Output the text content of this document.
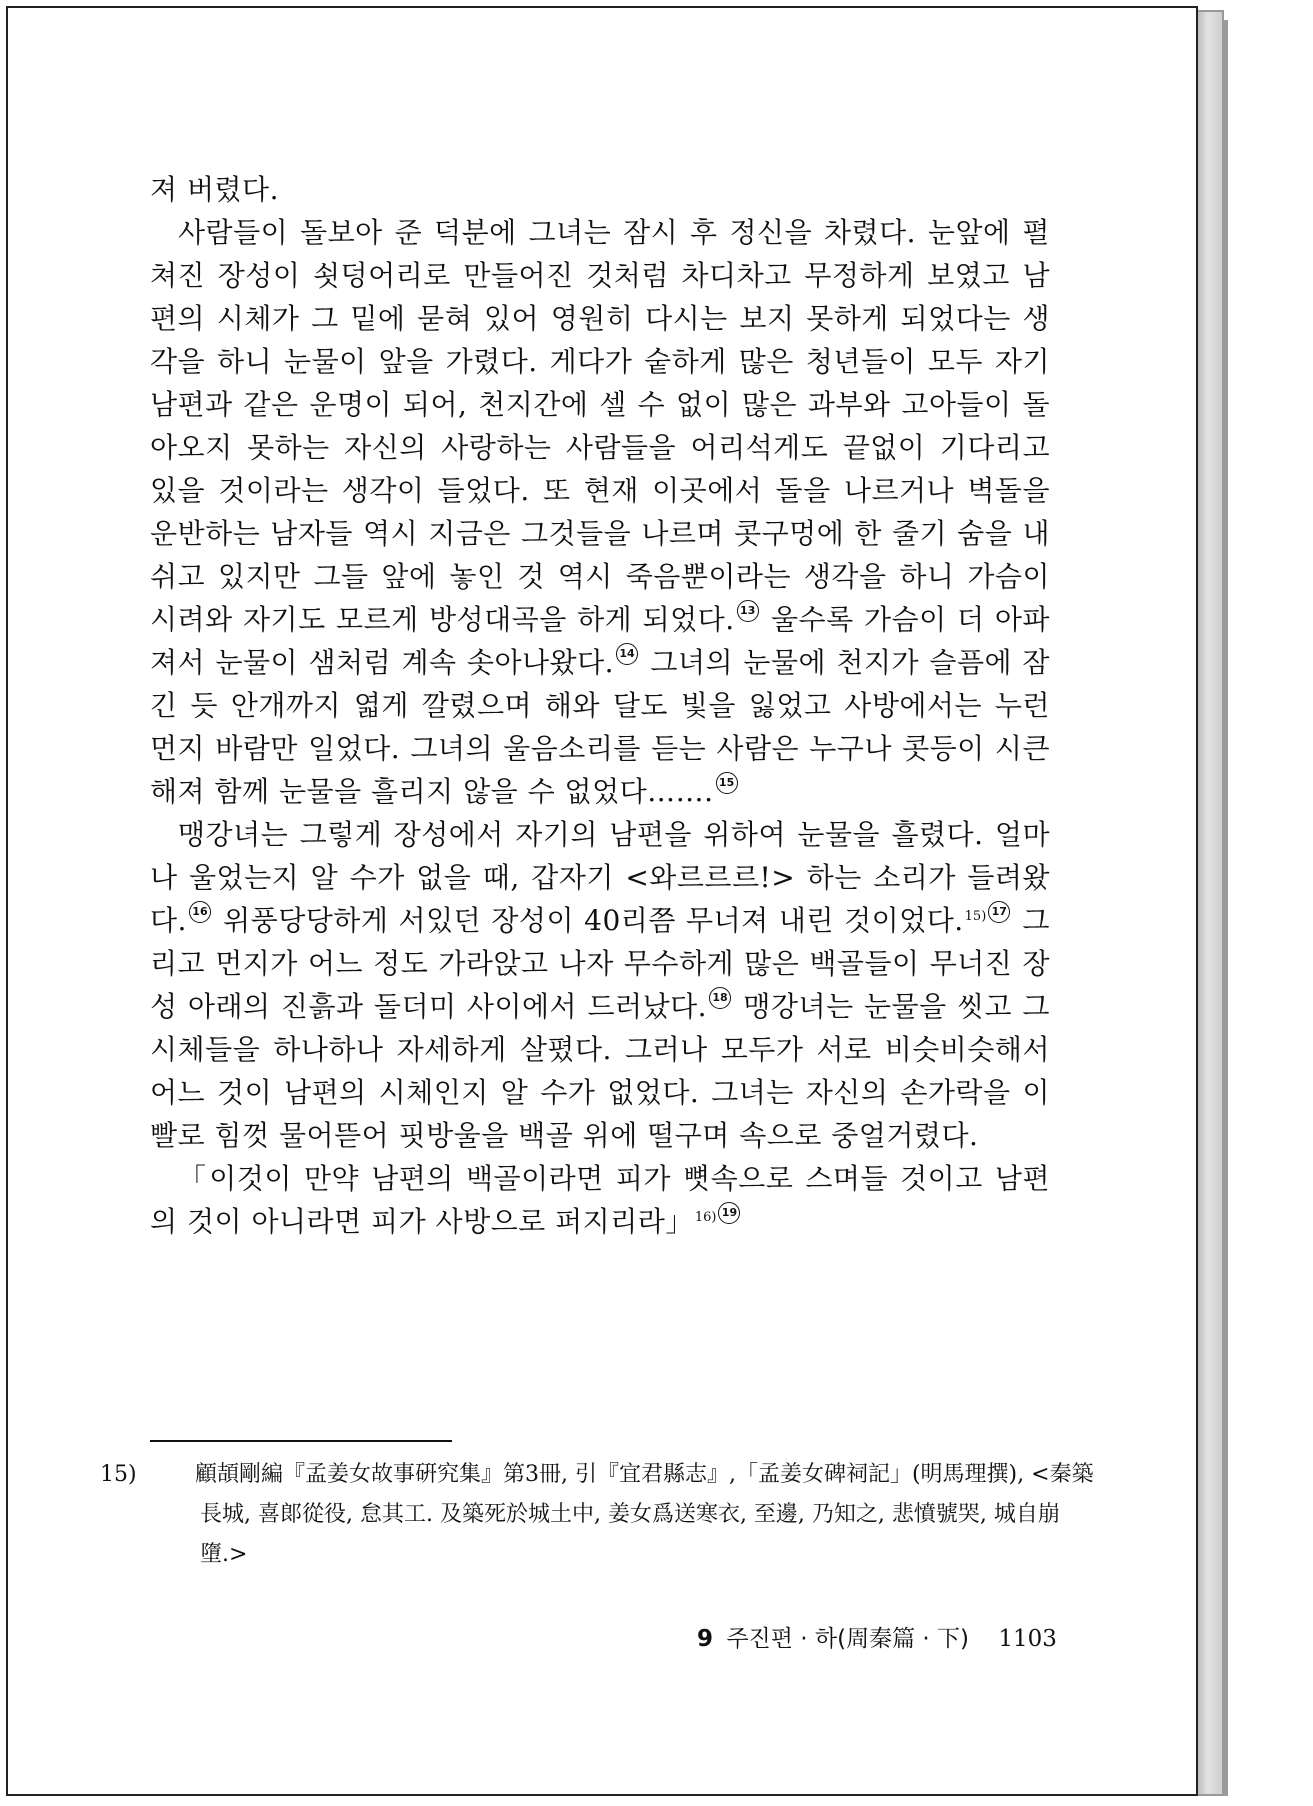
져 버렸다.

사람들이 돌보아 준 덕분에 그녀는 잠시 후 정신을 차렸다. 눈앞에 펼쳐진 장성이 쇳덩어리로 만들어진 것처럼 차디차고 무정하게 보였고 남편의 시체가 그 밑에 묻혀 있어 영원히 다시는 보지 못하게 되었다는 생각을 하니 눈물이 앞을 가렸다. 게다가 숱하게 많은 청년들이 모두 자기 남편과 같은 운명이 되어, 천지간에 셀 수 없이 많은 과부와 고아들이 돌아오지 못하는 자신의 사랑하는 사람들을 어리석게도 끝없이 기다리고 있을 것이라는 생각이 들었다. 또 현재 이곳에서 돌을 나르거나 벽돌을 운반하는 남자들 역시 지금은 그것들을 나르며 콧구멍에 한 줄기 숨을 내쉬고 있지만 그들 앞에 놓인 것 역시 죽음뿐이라는 생각을 하니 가슴이 시려와 자기도 모르게 방성대곡을 하게 되었다. 13 울수록 가슴이 더 아파져서 눈물이 샘처럼 계속 솟아나왔다. 14 그녀의 눈물에 천지가 슬픔에 잠긴 듯 안개까지 엷게 깔렸으며 해와 달도 빛을 잃었고 사방에서는 누런 먼지 바람만 일었다. 그녀의 울음소리를 듣는 사람은 누구나 콧등이 시큰해져 함께 눈물을 흘리지 않을 수 없었다……. 15

맹강녀는 그렇게 장성에서 자기의 남편을 위하여 눈물을 흘렸다. 얼마나 울었는지 알 수가 없을 때, 갑자기 <와르르르!> 하는 소리가 들려왔다. 16 위풍당당하게 서있던 장성이 40리쯤 무너져 내린 것이었다.$^{15)}$ 17 그리고 먼지가 어느 정도 가라앉고 나자 무수하게 많은 백골들이 무너진 장성 아래의 진흙과 돌더미 사이에서 드러났다. 18 맹강녀는 눈물을 씻고 그 시체들을 하나하나 자세하게 살폈다. 그러나 모두가 서로 비슷비슷해서 어느 것이 남편의 시체인지 알 수가 없었다. 그녀는 자신의 손가락을 이빨로 힘껏 물어뜯어 핏방울을 백골 위에 떨구며 속으로 중얼거렸다.

「이것이 만약 남편의 백골이라면 피가 뼛속으로 스며들 것이고 남편의 것이 아니라면 피가 사방으로 퍼지리라」$^{16)}$ 19

15)	顧頡剛編『孟姜女故事硏究集』第3冊, 引『宜君縣志』,「孟姜女碑祠記」(明馬理撰), <秦築長城, 喜郞從役, 怠其工. 及築死於城土中, 姜女爲送寒衣, 至邊, 乃知之, 悲憤號哭, 城自崩墮.>
9 주진편 · 하(周秦篇 · 下) 1103
